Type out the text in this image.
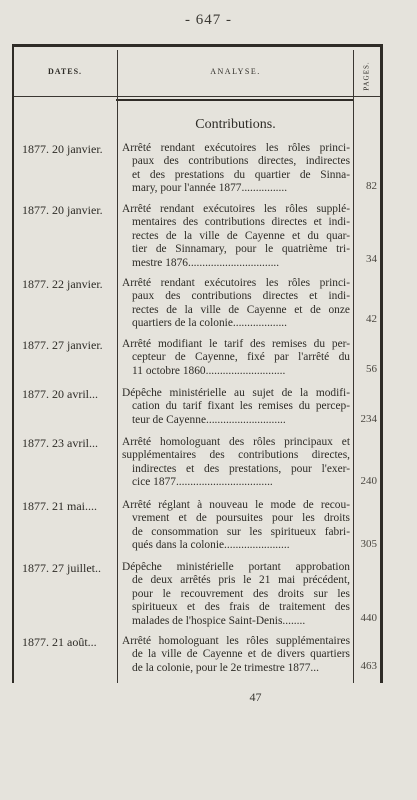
- 647 -
DATES.	ANALYSE.	PAGES.
Contributions.
1877. 20 janvier.	Arrêté rendant exécutoires les rôles princi-
paux des contributions directes, indirectes
et des prestations du quartier de Sinna-
mary, pour l'année 1877................	82
1877. 20 janvier.	Arrêté rendant exécutoires les rôles supplé-
mentaires des contributions directes et indi-
rectes de la ville de Cayenne et du quar-
tier de Sinnamary, pour le quatrième tri-
mestre 1876................................	34
1877. 22 janvier.	Arrêté rendant exécutoires les rôles princi-
paux des contributions directes et indi-
rectes de la ville de Cayenne et de onze
quartiers de la colonie...................	42
1877. 27 janvier.	Arrêté modifiant le tarif des remises du per-
cepteur de Cayenne, fixé par l'arrêté du
11 octobre 1860............................	56
1877. 20 avril...	Dépêche ministérielle au sujet de la modifi-
cation du tarif fixant les remises du percep-
teur de Cayenne............................	234
1877. 23 avril...	Arrêté homologuant des rôles principaux et
supplémentaires des contributions directes,
indirectes et des prestations, pour l'exer-
cice 1877..................................	240
1877. 21 mai....	Arrêté réglant à nouveau le mode de recou-
vrement et de poursuites pour les droits
de consommation sur les spiritueux fabri-
qués dans la colonie.......................	305
1877. 27 juillet..	Dépêche ministérielle portant approbation
de deux arrêtés pris le 21 mai précédent,
pour le recouvrement des droits sur les
spiritueux et des frais de traitement des
malades de l'hospice Saint-Denis........	440
1877. 21 août...	Arrêté homologuant les rôles supplémentaires
de la ville de Cayenne et de divers quartiers
de la colonie, pour le 2e trimestre 1877...	463
47
